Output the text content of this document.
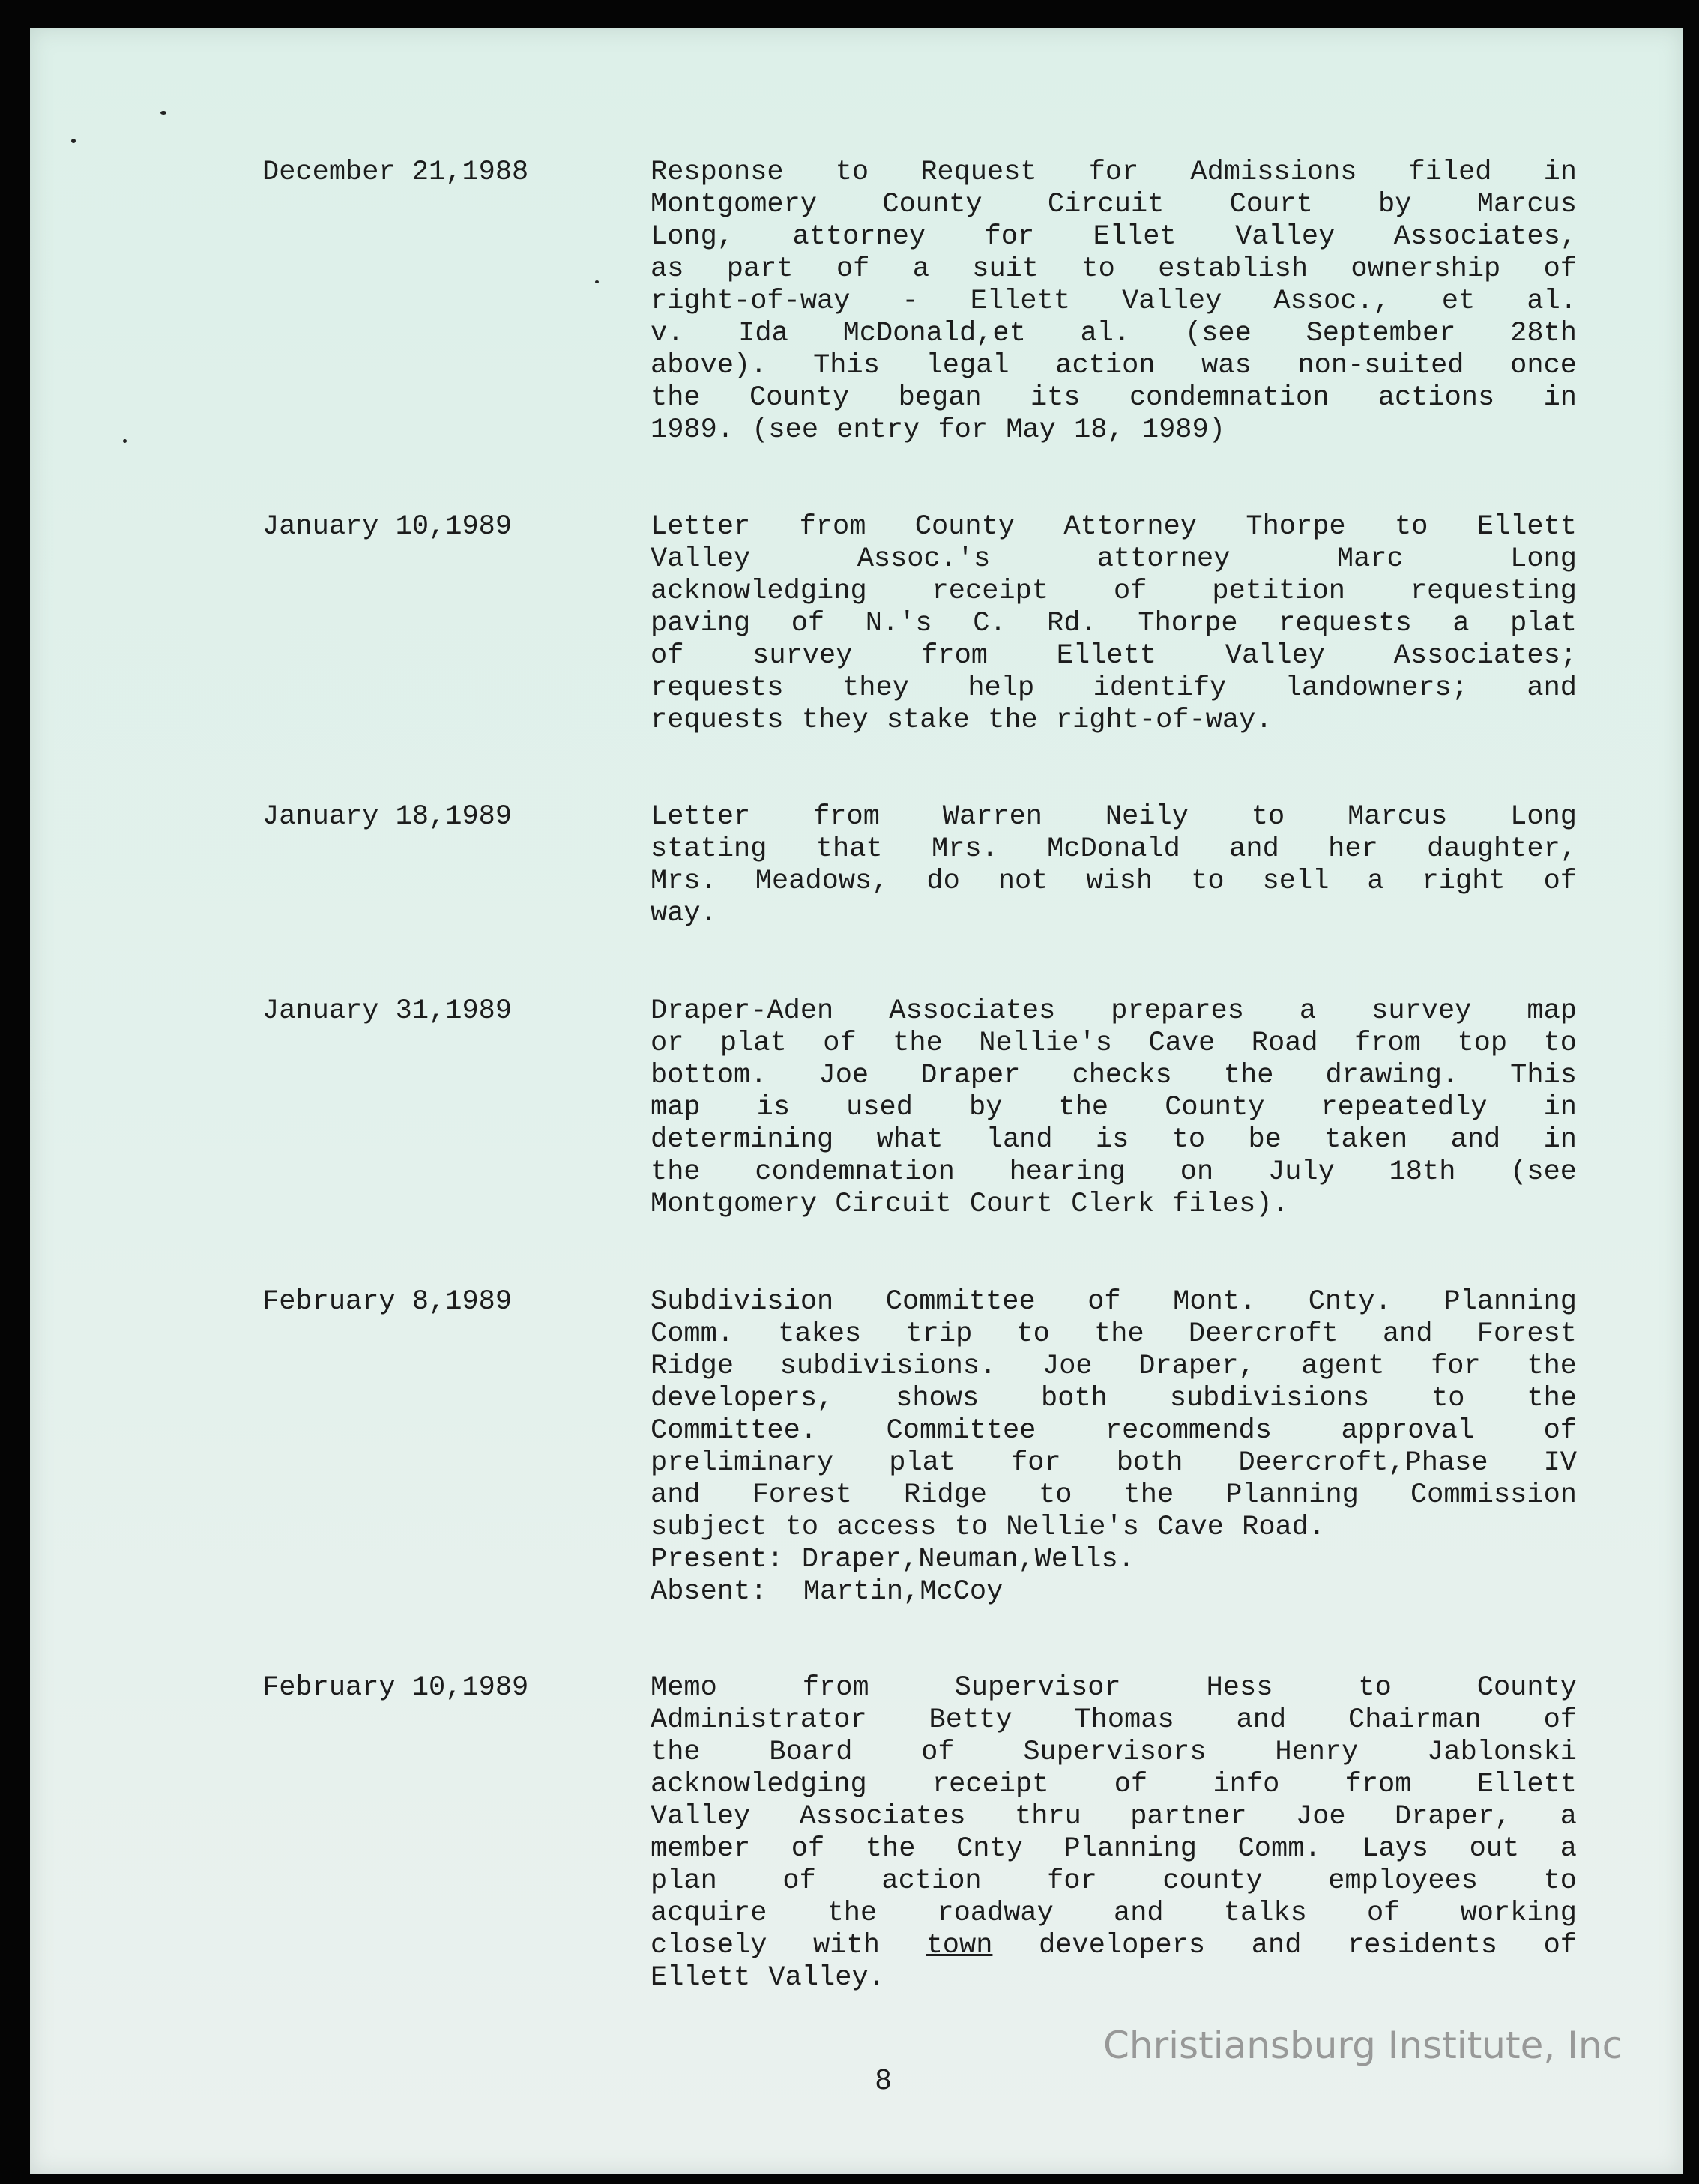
December 21,1988	Response to Request for Admissions filed in
Montgomery County Circuit Court by Marcus
Long, attorney for Ellet Valley Associates,
as part of a suit to establish ownership of
right-of-way - Ellett Valley Assoc., et al.
v. Ida McDonald,et al. (see September 28th
above). This legal action was non-suited once
the County began its condemnation actions in
1989. (see entry for May 18, 1989)
January 10,1989	Letter from County Attorney Thorpe to Ellett
Valley Assoc.'s attorney Marc Long
acknowledging receipt of petition requesting
paving of N.'s C. Rd. Thorpe requests a plat
of survey from Ellett Valley Associates;
requests they help identify landowners; and
requests they stake the right-of-way.
January 18,1989	Letter from Warren Neily to Marcus Long
stating that Mrs. McDonald and her daughter,
Mrs. Meadows, do not wish to sell a right of
way.
January 31,1989	Draper-Aden Associates prepares a survey map
or plat of the Nellie's Cave Road from top to
bottom. Joe Draper checks the drawing. This
map is used by the County repeatedly in
determining what land is to be taken and in
the condemnation hearing on July 18th (see
Montgomery Circuit Court Clerk files).
February 8,1989	Subdivision Committee of Mont. Cnty. Planning
Comm. takes trip to the Deercroft and Forest
Ridge subdivisions. Joe Draper, agent for the
developers, shows both subdivisions to the
Committee. Committee recommends approval of
preliminary plat for both Deercroft,Phase IV
and Forest Ridge to the Planning Commission
subject to access to Nellie's Cave Road.
Present: Draper,Neuman,Wells.
Absent:  Martin,McCoy
February 10,1989	Memo from Supervisor Hess to County
Administrator Betty Thomas and Chairman of
the Board of Supervisors Henry Jablonski
acknowledging receipt of info from Ellett
Valley Associates thru partner Joe Draper, a
member of the Cnty Planning Comm. Lays out a
plan of action for county employees to
acquire the roadway and talks of working
closely with town developers and residents of
Ellett Valley.
8
Christiansburg Institute, Inc
